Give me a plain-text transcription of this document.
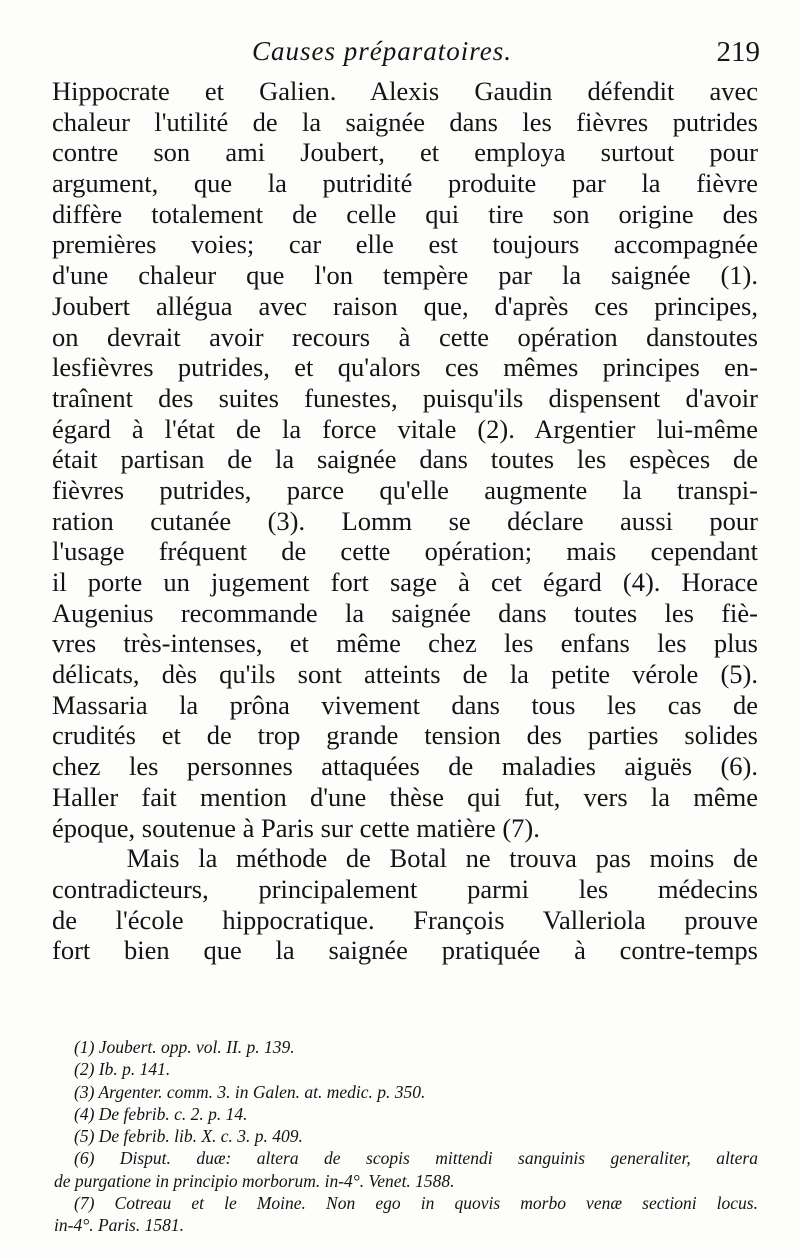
Causes préparatoires.	219
Hippocrate et Galien. Alexis Gaudin défendit avec
chaleur l'utilité de la saignée dans les fièvres putrides
contre son ami Joubert, et employa surtout pour
argument, que la putridité produite par la fièvre
diffère totalement de celle qui tire son origine des
premières voies; car elle est toujours accompagnée
d'une chaleur que l'on tempère par la saignée (1).
Joubert allégua avec raison que, d'après ces principes,
on devrait avoir recours à cette opération danstoutes
lesfièvres putrides, et qu'alors ces mêmes principes en-
traînent des suites funestes, puisqu'ils dispensent d'avoir
égard à l'état de la force vitale (2). Argentier lui-même
était partisan de la saignée dans toutes les espèces de
fièvres putrides, parce qu'elle augmente la transpi-
ration cutanée (3). Lomm se déclare aussi pour
l'usage fréquent de cette opération; mais cependant
il porte un jugement fort sage à cet égard (4). Horace
Augenius recommande la saignée dans toutes les fiè-
vres très-intenses, et même chez les enfans les plus
délicats, dès qu'ils sont atteints de la petite vérole (5).
Massaria la prôna vivement dans tous les cas de
crudités et de trop grande tension des parties solides
chez les personnes attaquées de maladies aiguës (6).
Haller fait mention d'une thèse qui fut, vers la même
époque, soutenue à Paris sur cette matière (7).
Mais la méthode de Botal ne trouva pas moins de
contradicteurs, principalement parmi les médecins
de l'école hippocratique. François Valleriola prouve
fort bien que la saignée pratiquée à contre-temps
(1) Joubert. opp. vol. II. p. 139.
(2) Ib. p. 141.
(3) Argenter. comm. 3. in Galen. at. medic. p. 350.
(4) De febrib. c. 2. p. 14.
(5) De febrib. lib. X. c. 3. p. 409.
(6) Disput. duæ: altera de scopis mittendi sanguinis generaliter, altera
de purgatione in principio morborum. in-4°. Venet. 1588.
(7) Cotreau et le Moine. Non ego in quovis morbo venæ sectioni locus.
in-4°. Paris. 1581.
